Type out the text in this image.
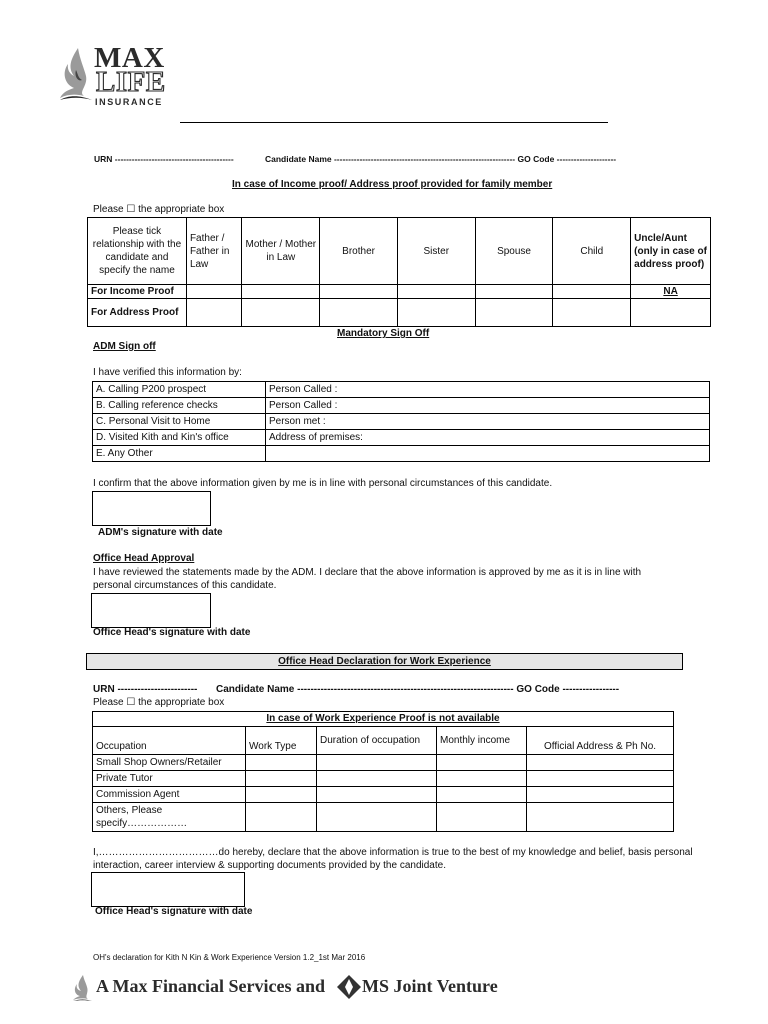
MAX
LIFE
INSURANCE
URN ------------------------------------------	Candidate Name ---------------------------------------------------------------- GO Code ---------------------
In case of Income proof/ Address proof provided for family member
Please ☐ the appropriate box
Please tick relationship with the candidate and specify the name	Father / Father in Law	Mother / Mother in Law	Brother	Sister	Spouse	Child	Uncle/Aunt (only in case of address proof)
For Income Proof							NA
For Address Proof							
Mandatory Sign Off
ADM Sign off
I have verified this information by:
A. Calling P200 prospect	Person Called :
B. Calling reference checks	Person Called :
C. Personal Visit to Home	Person met :
D. Visited Kith and Kin's office	Address of premises:
E. Any Other	
I confirm that the above information given by me is in line with personal circumstances of this candidate.
ADM's signature with date
Office Head Approval
I have reviewed the statements made by the ADM. I declare that the above information is approved by me as it is in line with personal circumstances of this candidate.
Office Head's signature with date
Office Head Declaration for Work Experience
URN ------------------------ Candidate Name ----------------------------------------------------------------- GO Code -----------------
Please ☐ the appropriate box
In case of Work Experience Proof is not available				
Occupation	Work Type	Duration of occupation	Monthly income	Official Address & Ph No.
Small Shop Owners/Retailer				
Private Tutor				
Commission Agent				
Others, Please specify………………				
I,………………………………do hereby, declare that the above information is true to the best of my knowledge and belief, basis personal interaction, career interview & supporting documents provided by the candidate.
Office Head's signature with date
OH's declaration for Kith N Kin & Work Experience Version 1.2_1st Mar 2016
A Max Financial Services and MS Joint Venture
